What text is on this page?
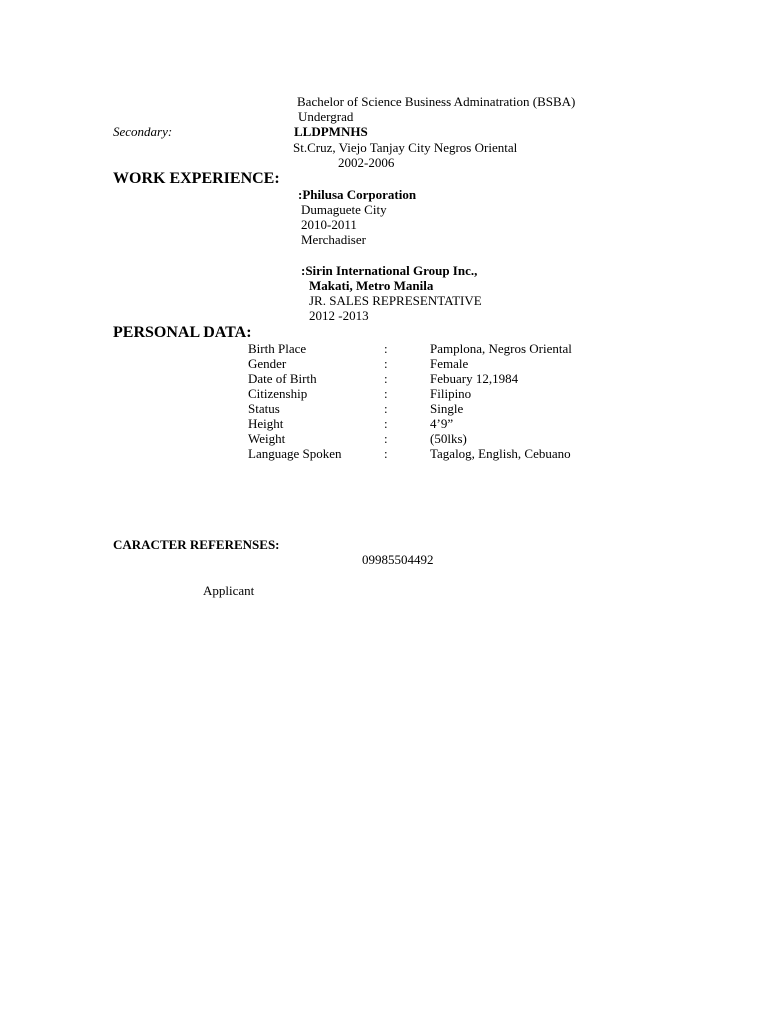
Bachelor of Science Business Adminatration (BSBA)
Undergrad
Secondary:	LLDPMNHS
St.Cruz, Viejo Tanjay City Negros Oriental
2002-2006
WORK EXPERIENCE:
:Philusa Corporation
Dumaguete City
2010-2011
Merchadiser
:Sirin International Group Inc.,
Makati, Metro Manila
JR. SALES REPRESENTATIVE
2012 -2013
PERSONAL DATA:
Birth Place	:	Pamplona, Negros Oriental
Gender	:	Female
Date of Birth	:	Febuary 12,1984
Citizenship	:	Filipino
Status	:	Single
Height	:	4’9”
Weight	:	(50lks)
Language Spoken	:	Tagalog, English, Cebuano
CARACTER REFERENSES:
09985504492
Applicant
